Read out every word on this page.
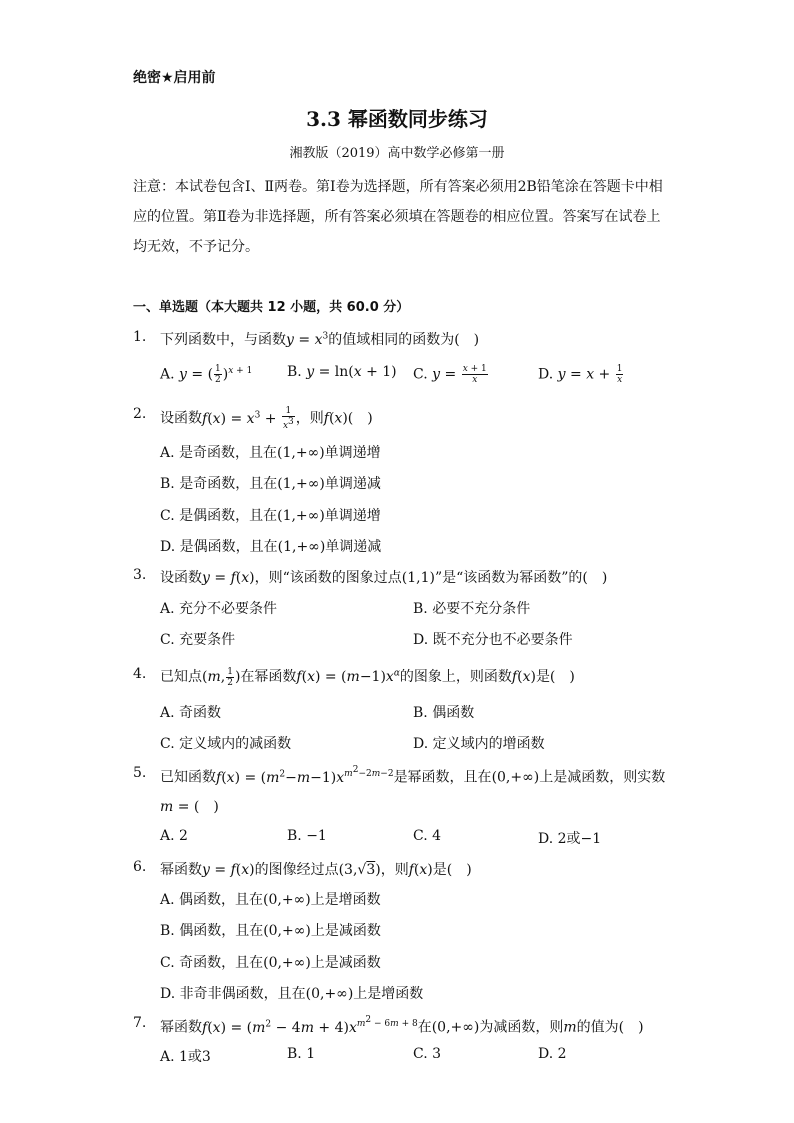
绝密★启用前
3.3 幂函数同步练习
湘教版（2019）高中数学必修第一册
注意：本试卷包含Ⅰ、Ⅱ两卷。第Ⅰ卷为选择题，所有答案必须用2B铅笔涂在答题卡中相应的位置。第Ⅱ卷为非选择题，所有答案必须填在答题卷的相应位置。答案写在试卷上均无效，不予记分。
一、单选题（本大题共 12 小题，共 60.0 分）
1. 下列函数中，与函数$y = x^3$的值域相同的函数为(　)
A. y = ( $\frac{1}{2} )^{x + 1}$ B. y = ln(x + 1) C. $y = \frac{x + 1}{x}$	D. $y = x + \frac{1}{x}$
2. 设函数$f(x) = x^3 + \frac{1}{x^3}$ ，则f(x)(　)
A. 是奇函数，且在(1,+∞)单调递增
B. 是奇函数，且在(1,+∞)单调递减
C. 是偶函数，且在(1,+∞)单调递增
D. 是偶函数，且在(1,+∞)单调递减
3. 设函数y = f(x)，则“该函数的图象过点(1,1)”是“该函数为幂函数”的(　)
A. 充分不必要条件	B. 必要不充分条件
C. 充要条件	D. 既不充分也不必要条件
4. 已知点(m, $\frac{1}{2}$ )在幂函数$f(x) = (m-1)x^\alpha$的图象上，则函数f(x)是(　)
A. 奇函数	B. 偶函数
C. 定义域内的减函数	D. 定义域内的增函数
5. 已知函数$f(x) = (m^2-m-1)x^{m^2-2m-2}$是幂函数，且在(0,+∞)上是减函数，则实数
m = (　)
A. 2	B. −1	C. 4	D. 2或−1
6. 幂函数y = f(x)的图像经过点(3,√3)，则f(x)是(　)
A. 偶函数，且在(0,+∞)上是增函数
B. 偶函数，且在(0,+∞)上是减函数
C. 奇函数，且在(0,+∞)上是减函数
D. 非奇非偶函数，且在(0,+∞)上是增函数
7. 幂函数$f(x) = (m^2 - 4m + 4)x^{m^2 - 6m + 8}$在(0,+∞)为减函数，则m的值为(　)
A. 1或3	B. 1	C. 3	D. 2
